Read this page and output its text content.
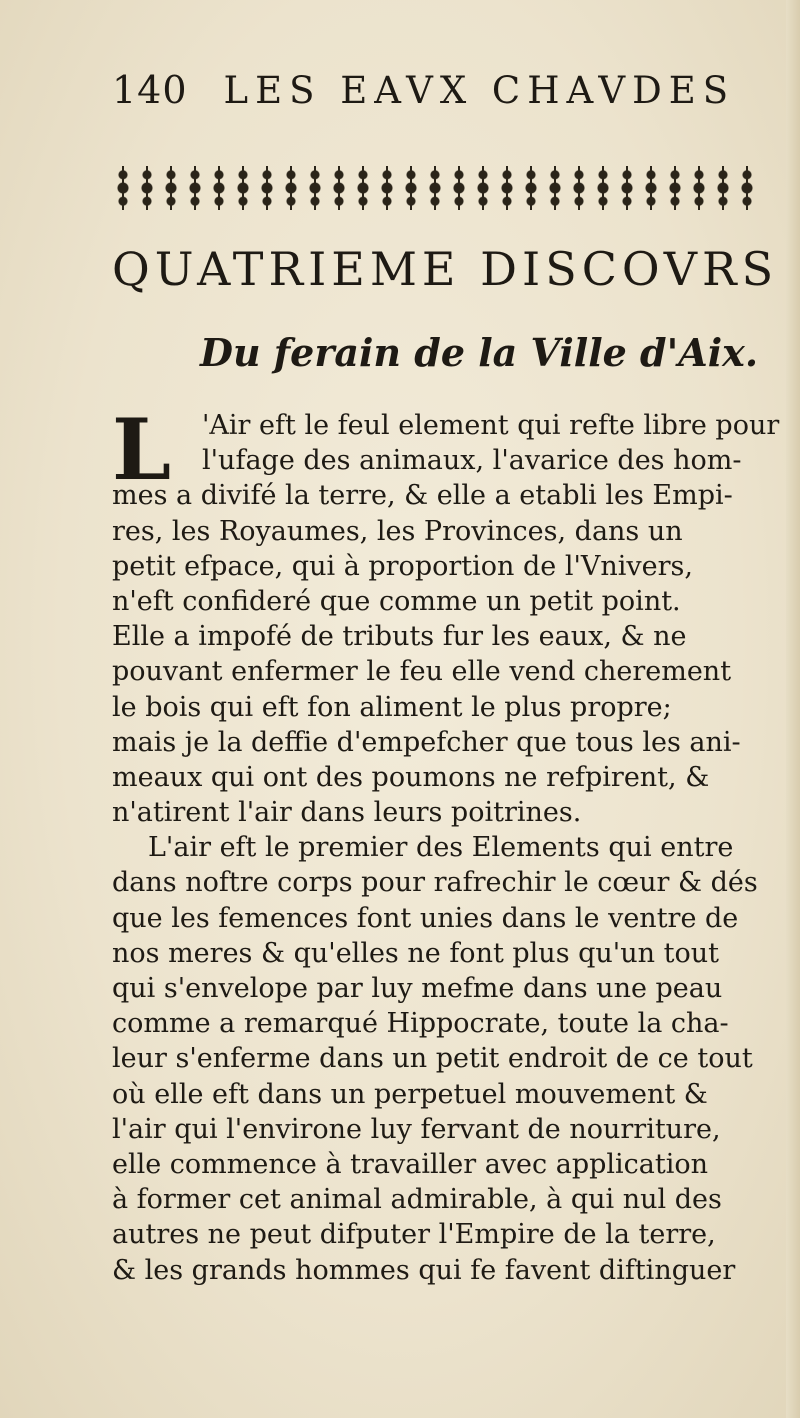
140 LES EAVX CHAVDES
QUATRIEME DISCOVRS
Du ferain de la Ville d'Aix.
L	'Air eft le feul element qui refte libre pour
l'ufage des animaux, l'avarice des hom-
mes a divifé la terre, & elle a etabli les Empi-
res, les Royaumes, les Provinces, dans un
petit efpace, qui à proportion de l'Vnivers,
n'eft confideré que comme un petit point.
Elle a impofé de tributs fur les eaux, & ne
pouvant enfermer le feu elle vend cherement
le bois qui eft fon aliment le plus propre;
mais je la deffie d'empefcher que tous les ani-
meaux qui ont des poumons ne refpirent, &
n'atirent l'air dans leurs poitrines.
L'air eft le premier des Elements qui entre
dans noftre corps pour rafrechir le cœur & dés
que les femences font unies dans le ventre de
nos meres & qu'elles ne font plus qu'un tout
qui s'envelope par luy mefme dans une peau
comme a remarqué Hippocrate, toute la cha-
leur s'enferme dans un petit endroit de ce tout
où elle eft dans un perpetuel mouvement &
l'air qui l'environe luy fervant de nourriture,
elle commence à travailler avec application
à former cet animal admirable, à qui nul des
autres ne peut difputer l'Empire de la terre,
& les grands hommes qui fe favent diftinguer
